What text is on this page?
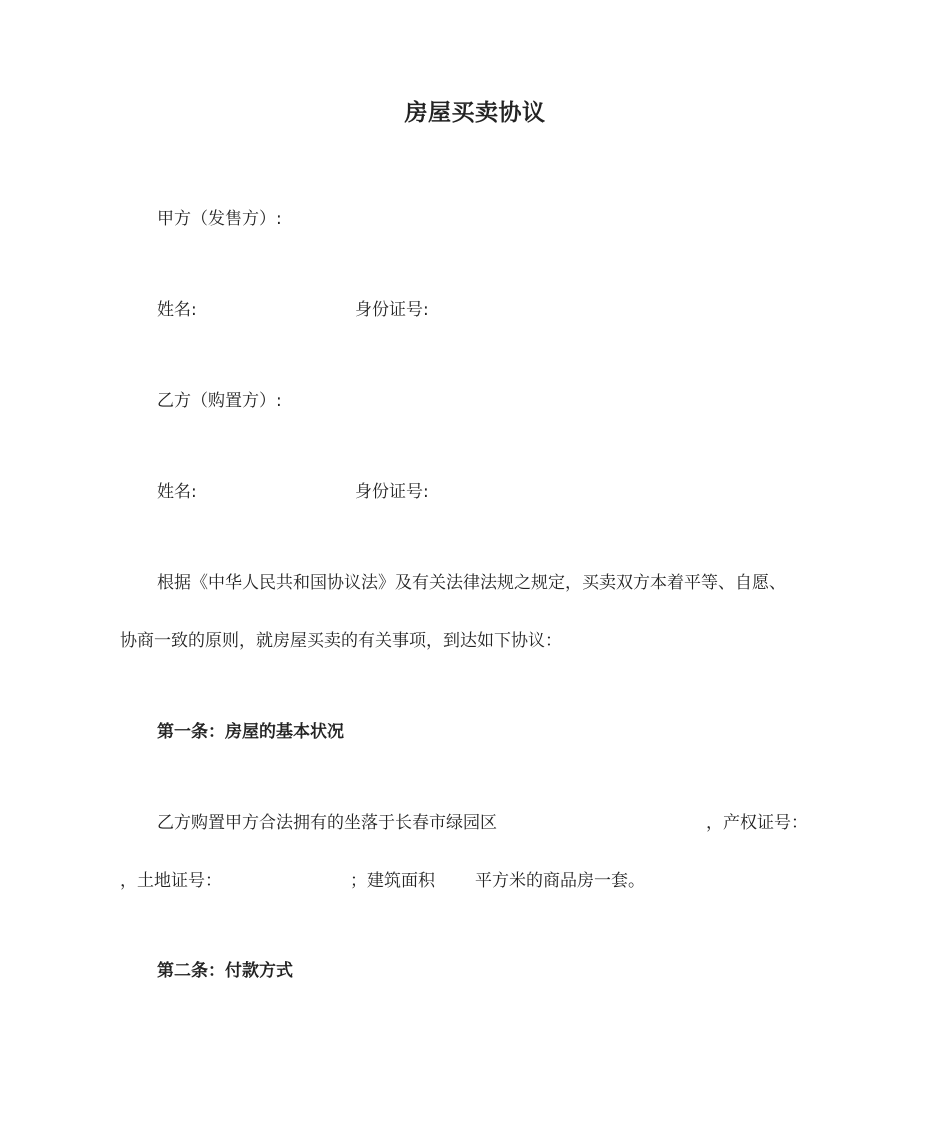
房屋买卖协议
甲方（发售方）:
姓名:	身份证号:
乙方（购置方）:
姓名:	身份证号:
根据《中华人民共和国协议法》及有关法律法规之规定，买卖双方本着平等、自愿、
协商一致的原则，就房屋买卖的有关事项，到达如下协议：
第一条：房屋的基本状况
乙方购置甲方合法拥有的坐落于长春市绿园区	，产权证号：
，土地证号：	；建筑面积 平方米的商品房一套。
第二条：付款方式
